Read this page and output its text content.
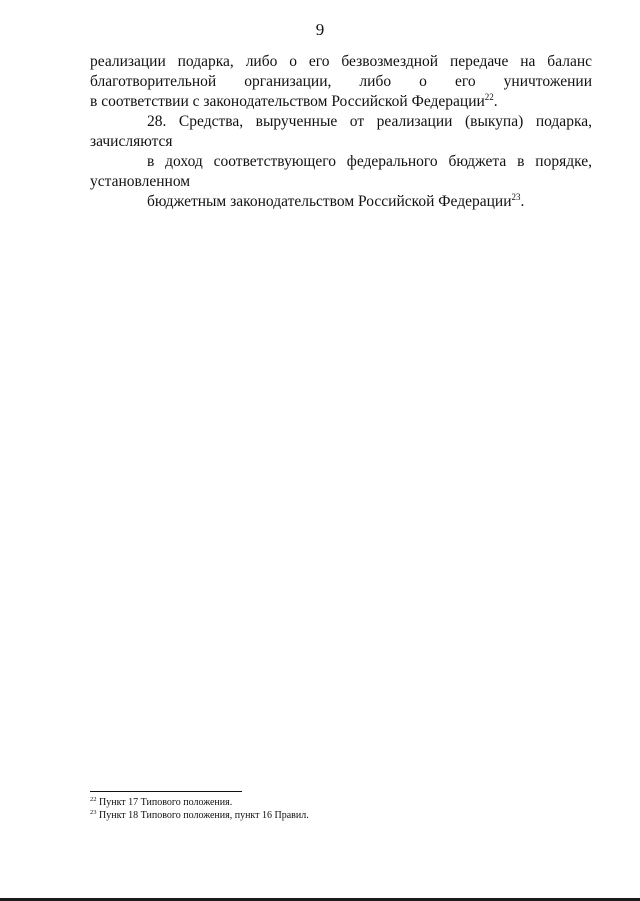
9

реализации подарка, либо о его безвозмездной передаче на баланс
благотворительной организации, либо о его уничтожении
в соответствии с законодательством Российской Федерации$^{22}$.

28. Средства, вырученные от реализации (выкупа) подарка, зачисляются
в доход соответствующего федерального бюджета в порядке, установленном
бюджетным законодательством Российской Федерации$^{23}$.

$^{22}$ Пункт 17 Типового положения.

$^{23}$ Пункт 18 Типового положения, пункт 16 Правил.
